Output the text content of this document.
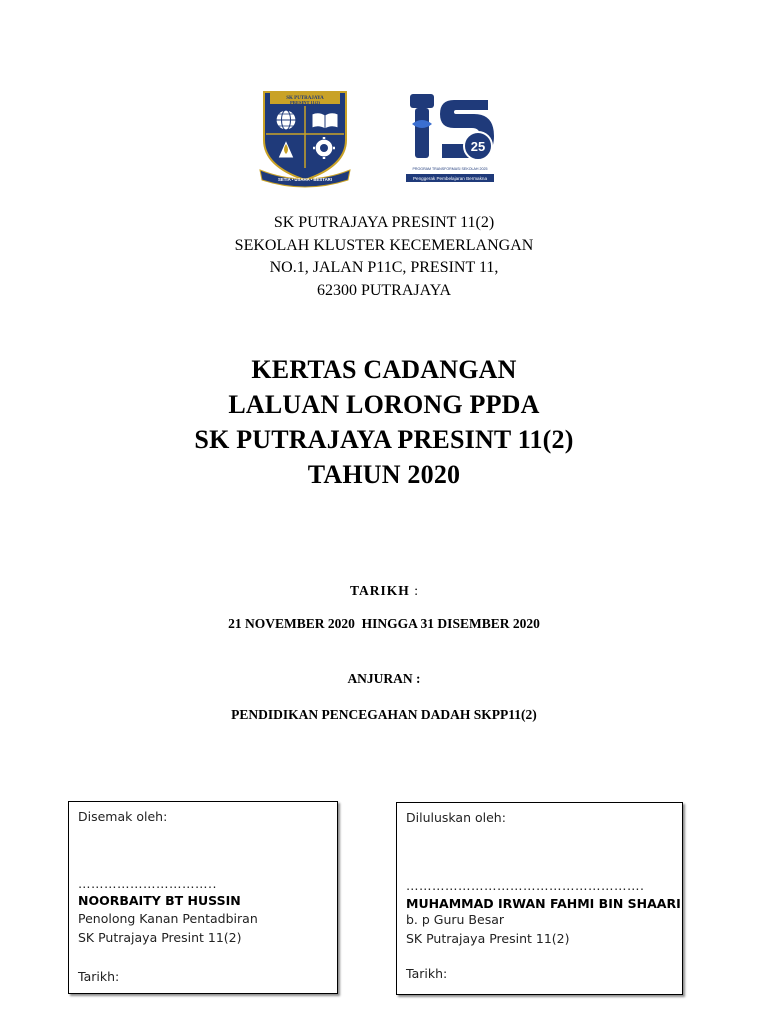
SK PUTRAJAYA
PRESINT 11(2)
SETIA • USAHA • BESTARI
25
PROGRAM TRANSFORMASI SEKOLAH 2025
Penggerak Pembelajaran Bermakna
SK PUTRAJAYA PRESINT 11(2)
SEKOLAH KLUSTER KECEMERLANGAN
NO.1, JALAN P11C, PRESINT 11,
62300 PUTRAJAYA
KERTAS CADANGAN
LALUAN LORONG PPDA
SK PUTRAJAYA PRESINT 11(2)
TAHUN 2020
TARIKH :
21 NOVEMBER 2020  HINGGA 31 DISEMBER 2020
ANJURAN :
PENDIDIKAN PENCEGAHAN DADAH SKPP11(2)
Disemak oleh:
…………………………..
NOORBAITY BT HUSSIN
Penolong Kanan Pentadbiran
SK Putrajaya Presint 11(2)
Tarikh:
Diluluskan oleh:
……………………………………………….
MUHAMMAD IRWAN FAHMI BIN SHAARI
b. p Guru Besar
SK Putrajaya Presint 11(2)
Tarikh:
